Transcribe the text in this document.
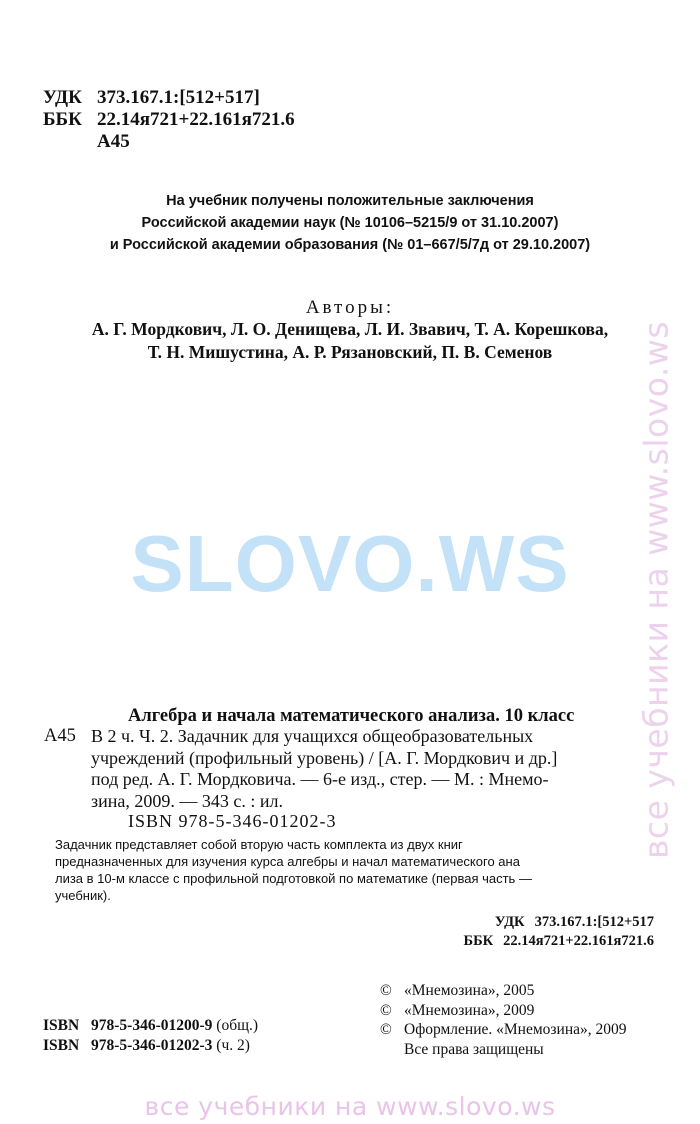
УДК 373.167.1:[512+517]
ББК 22.14я721+22.161я721.6
А45
На учебник получены положительные заключения
Российской академии наук (№ 10106–5215/9 от 31.10.2007)
и Российской академии образования (№ 01–667/5/7д от 29.10.2007)
Авторы:
А. Г. Мордкович, Л. О. Денищева, Л. И. Звавич, Т. А. Корешкова,
Т. Н. Мишустина, А. Р. Рязановский, П. В. Семенов
SLOVO.WS	все учебники на www.slovo.ws
Алгебра и начала математического анализа. 10 класс
А45 В 2 ч. Ч. 2. Задачник для учащихся общеобразовательных
учреждений (профильный уровень) / [А. Г. Мордкович и др.]
под ред. А. Г. Мордковича. — 6-е изд., стер. — М. : Мнемо-
зина, 2009. — 343 с. : ил.
ISBN 978-5-346-01202-3
Задачник представляет собой вторую часть комплекта из двух книг
предназначенных для изучения курса алгебры и начал математического ана
лиза в 10-м классе с профильной подготовкой по математике (первая часть —
учебник).
УДК 373.167.1:[512+517
ББК 22.14я721+22.161я721.6
© «Мнемозина», 2005
© «Мнемозина», 2009
© Оформление. «Мнемозина», 2009
Все права защищены
ISBN 978-5-346-01200-9 (общ.)
ISBN 978-5-346-01202-3 (ч. 2)
все учебники на www.slovo.ws
